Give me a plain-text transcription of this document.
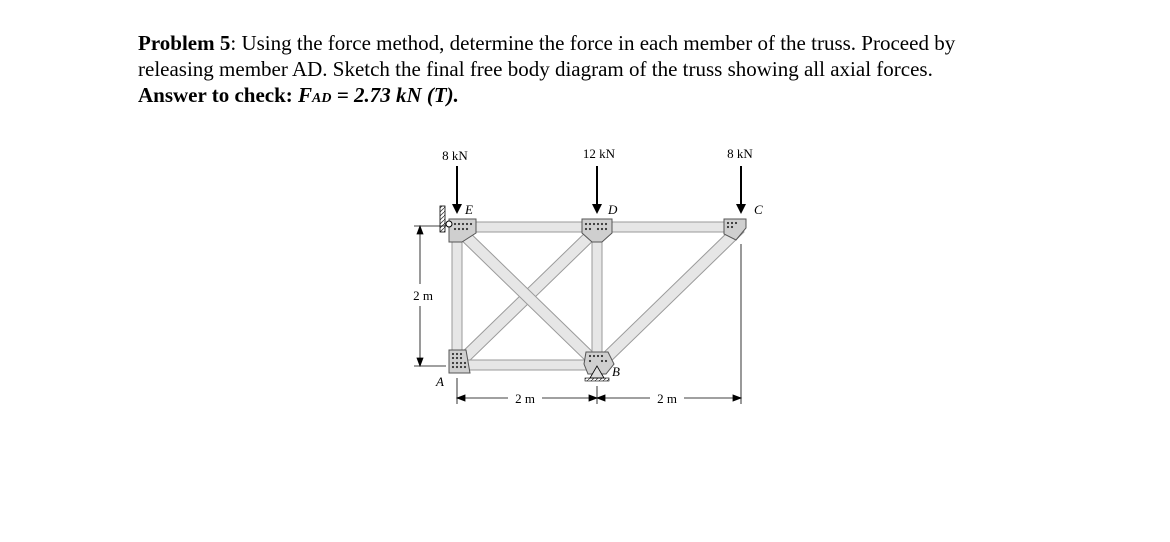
Problem 5: Using the force method, determine the force in each member of the truss. Proceed by

releasing member AD. Sketch the final free body diagram of the truss showing all axial forces.

Answer to check: FAD = 2.73 kN (T).

8 kN	12 kN	8 kN
E	D	C
A
B
2 m
2 m	2 m
